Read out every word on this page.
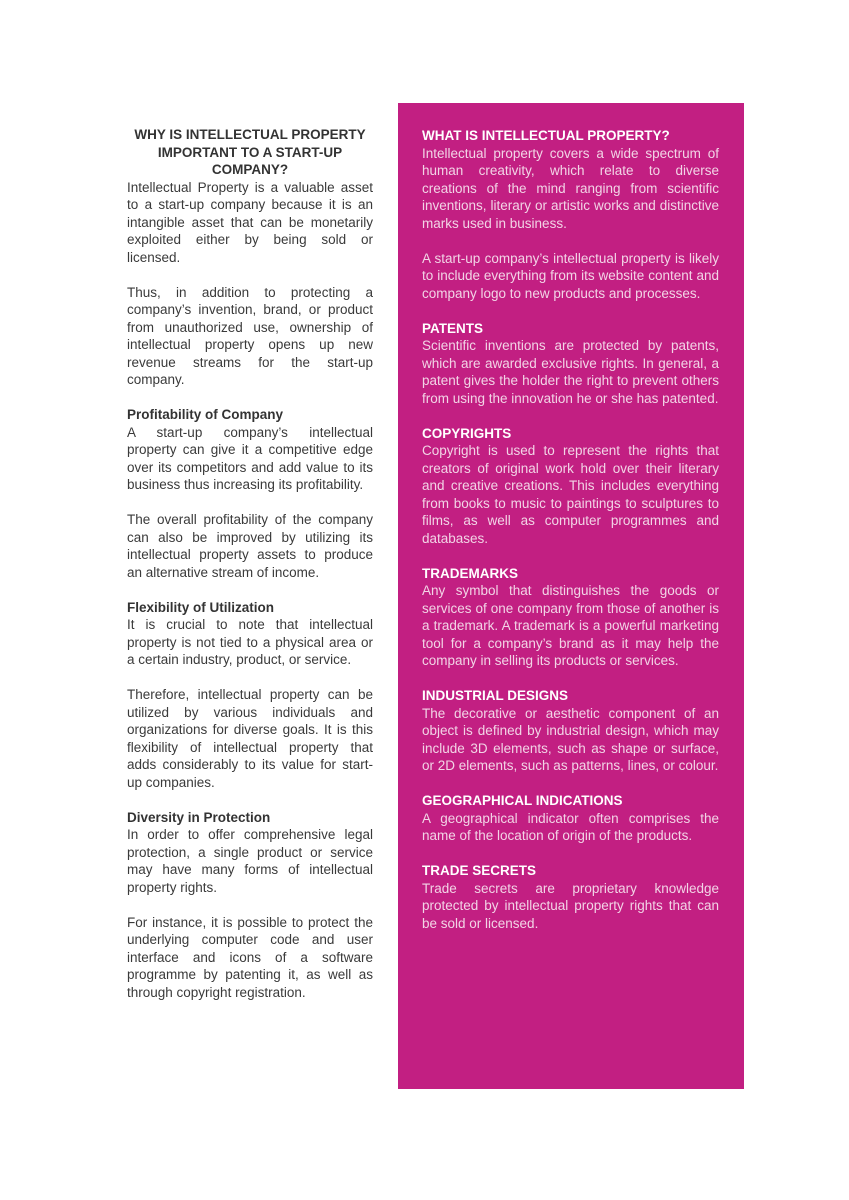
WHY IS INTELLECTUAL PROPERTY IMPORTANT TO A START-UP COMPANY?

Intellectual Property is a valuable asset to a start-up company because it is an intangible asset that can be monetarily exploited either by being sold or licensed.

Thus, in addition to protecting a company’s invention, brand, or product from unauthorized use, ownership of intellectual property opens up new revenue streams for the start-up company.

Profitability of Company

A start-up company’s intellectual property can give it a competitive edge over its competitors and add value to its business thus increasing its profitability.

The overall profitability of the company can also be improved by utilizing its intellectual property assets to produce an alternative stream of income.

Flexibility of Utilization

It is crucial to note that intellectual property is not tied to a physical area or a certain industry, product, or service.

Therefore, intellectual property can be utilized by various individuals and organizations for diverse goals. It is this flexibility of intellectual property that adds considerably to its value for start-up companies.

Diversity in Protection

In order to offer comprehensive legal protection, a single product or service may have many forms of intellectual property rights.

For instance, it is possible to protect the underlying computer code and user interface and icons of a software programme by patenting it, as well as through copyright registration.

WHAT IS INTELLECTUAL PROPERTY?

Intellectual property covers a wide spectrum of human creativity, which relate to diverse creations of the mind ranging from scientific inventions, literary or artistic works and distinctive marks used in business.

A start-up company’s intellectual property is likely to include everything from its website content and company logo to new products and processes.

PATENTS

Scientific inventions are protected by patents, which are awarded exclusive rights. In general, a patent gives the holder the right to prevent others from using the innovation he or she has patented.

COPYRIGHTS

Copyright is used to represent the rights that creators of original work hold over their literary and creative creations. This includes everything from books to music to paintings to sculptures to films, as well as computer programmes and databases.

TRADEMARKS

Any symbol that distinguishes the goods or services of one company from those of another is a trademark. A trademark is a powerful marketing tool for a company’s brand as it may help the company in selling its products or services.

INDUSTRIAL DESIGNS

The decorative or aesthetic component of an object is defined by industrial design, which may include 3D elements, such as shape or surface, or 2D elements, such as patterns, lines, or colour.

GEOGRAPHICAL INDICATIONS

A geographical indicator often comprises the name of the location of origin of the products.

TRADE SECRETS

Trade secrets are proprietary knowledge protected by intellectual property rights that can be sold or licensed.
